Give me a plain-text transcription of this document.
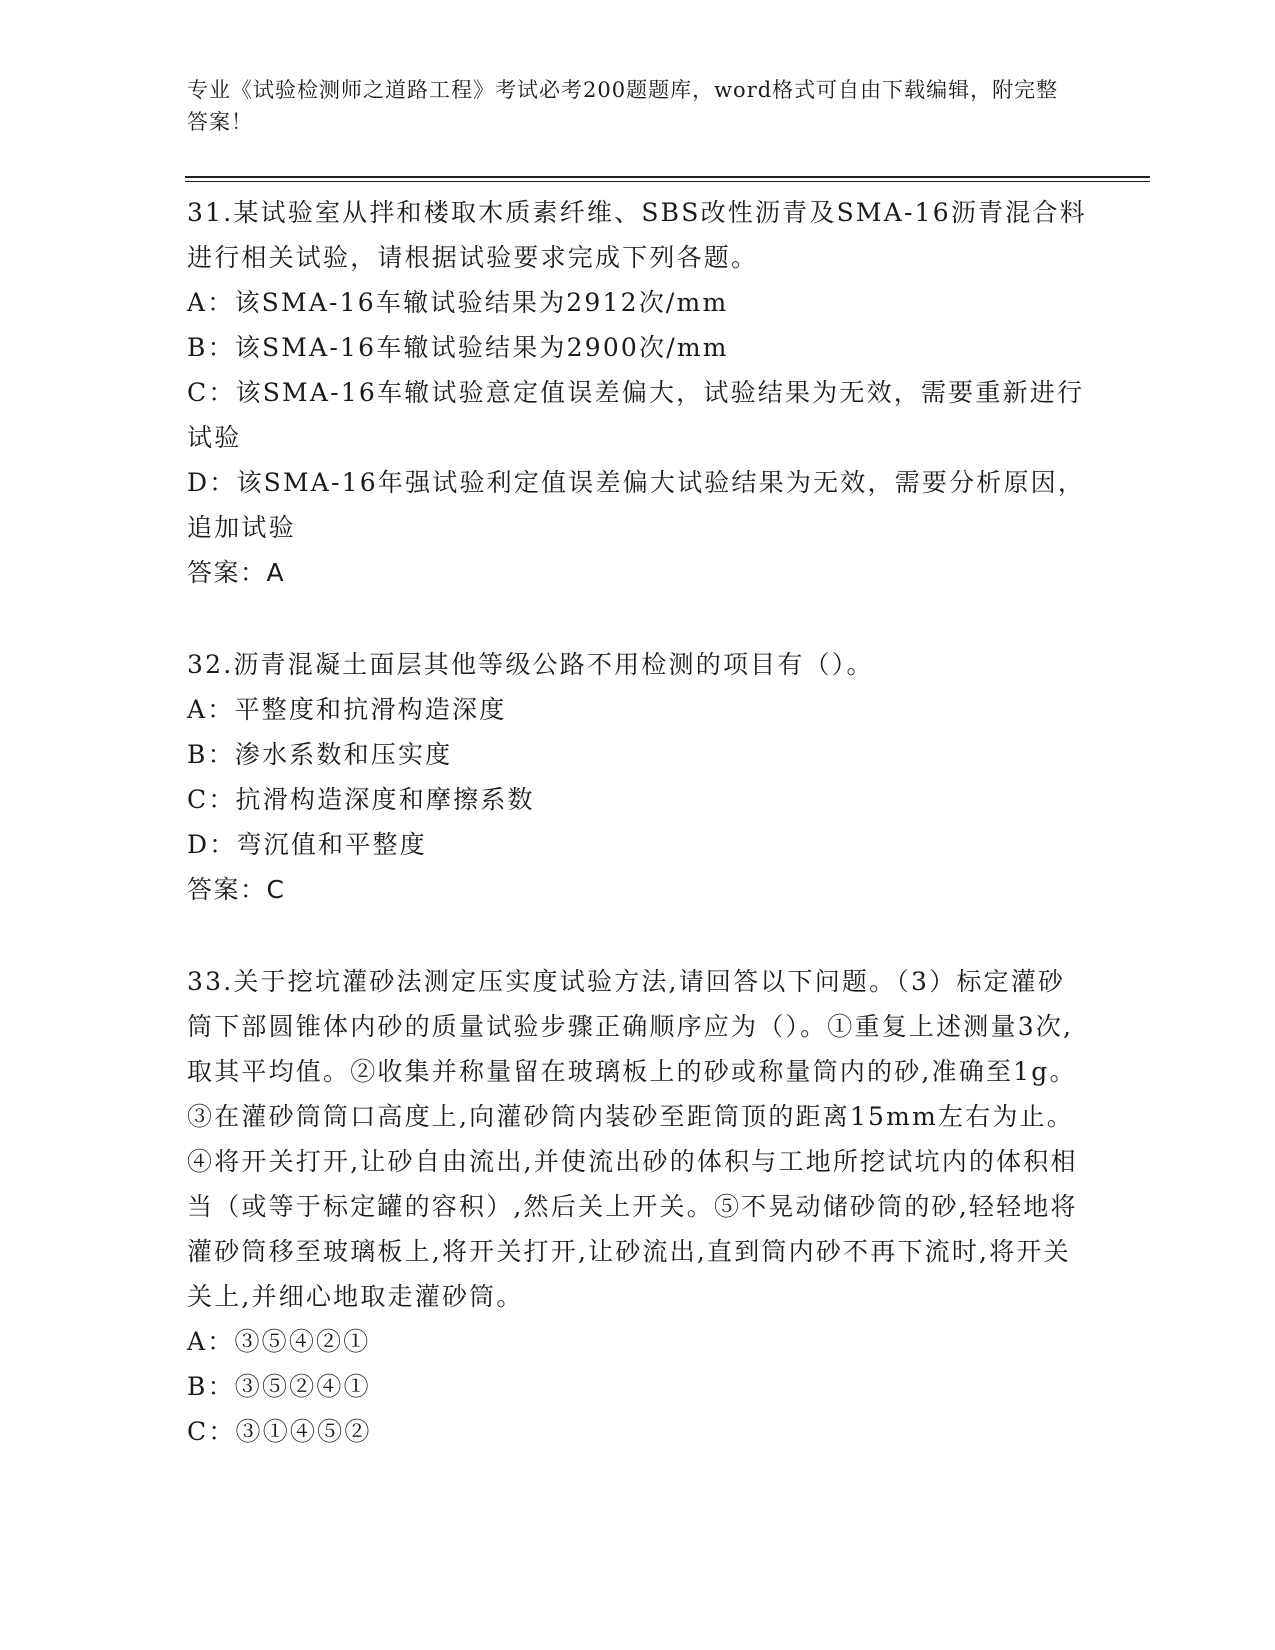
专业《试验检测师之道路工程》考试必考200题题库，word格式可自由下载编辑，附完整答案！

31.某试验室从拌和楼取木质素纤维、SBS改性沥青及SMA-16沥青混合料进行相关试验，请根据试验要求完成下列各题。

A：该SMA-16车辙试验结果为2912次/mm

B：该SMA-16车辙试验结果为2900次/mm

C：该SMA-16车辙试验意定值误差偏大，试验结果为无效，需要重新进行试验

D：该SMA-16年强试验利定值误差偏大试验结果为无效，需要分析原因，追加试验

答案：A

32.沥青混凝土面层其他等级公路不用检测的项目有（）。

A：平整度和抗滑构造深度

B：渗水系数和压实度

C：抗滑构造深度和摩擦系数

D：弯沉值和平整度

答案：C

33.关于挖坑灌砂法测定压实度试验方法,请回答以下问题。（3）标定灌砂筒下部圆锥体内砂的质量试验步骤正确顺序应为（）。①重复上述测量3次,取其平均值。②收集并称量留在玻璃板上的砂或称量筒内的砂,准确至1g。③在灌砂筒筒口高度上,向灌砂筒内装砂至距筒顶的距离15mm左右为止。④将开关打开,让砂自由流出,并使流出砂的体积与工地所挖试坑内的体积相当（或等于标定罐的容积）,然后关上开关。⑤不晃动储砂筒的砂,轻轻地将灌砂筒移至玻璃板上,将开关打开,让砂流出,直到筒内砂不再下流时,将开关关上,并细心地取走灌砂筒。

A：③⑤④②①

B：③⑤②④①

C：③①④⑤②
